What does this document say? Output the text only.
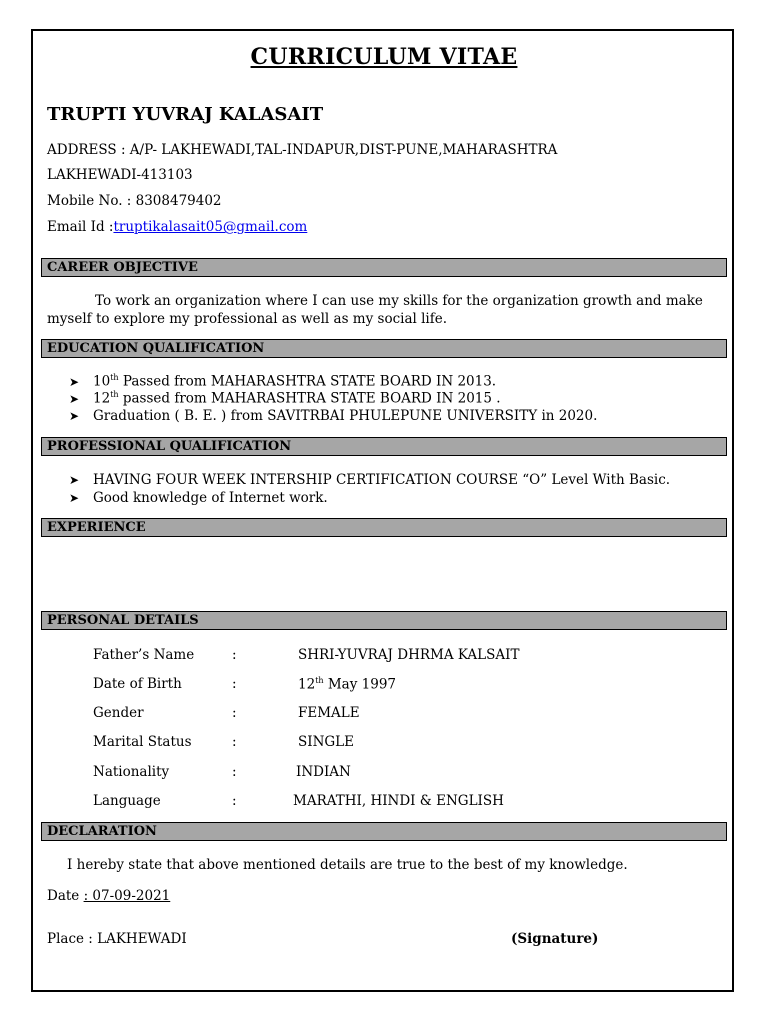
CURRICULUM VITAE
TRUPTI YUVRAJ KALASAIT
ADDRESS : A/P- LAKHEWADI,TAL-INDAPUR,DIST-PUNE,MAHARASHTRA
LAKHEWADI-413103
Mobile No. : 8308479402
Email Id :truptikalasait05@gmail.com
CAREER OBJECTIVE
To work an organization where I can use my skills for the organization growth and make myself to explore my professional as well as my social life.
EDUCATION QUALIFICATION
➤ 10th Passed from MAHARASHTRA STATE BOARD IN 2013.
➤ 12th passed from MAHARASHTRA STATE BOARD IN 2015 .
➤ Graduation ( B. E. ) from SAVITRBAI PHULEPUNE UNIVERSITY in 2020.
PROFESSIONAL QUALIFICATION
➤ HAVING FOUR WEEK INTERSHIP CERTIFICATION COURSE “O” Level With Basic.
➤ Good knowledge of Internet work.
EXPERIENCE
PERSONAL DETAILS
Father’s Name	:	SHRI-YUVRAJ DHRMA KALSAIT
Date of Birth	:	12th May 1997
Gender	:	FEMALE
Marital Status	:	SINGLE
Nationality	:	INDIAN
Language	:	MARATHI, HINDI & ENGLISH
DECLARATION
I hereby state that above mentioned details are true to the best of my knowledge.
Date : 07-09-2021
Place : LAKHEWADI	(Signature)
